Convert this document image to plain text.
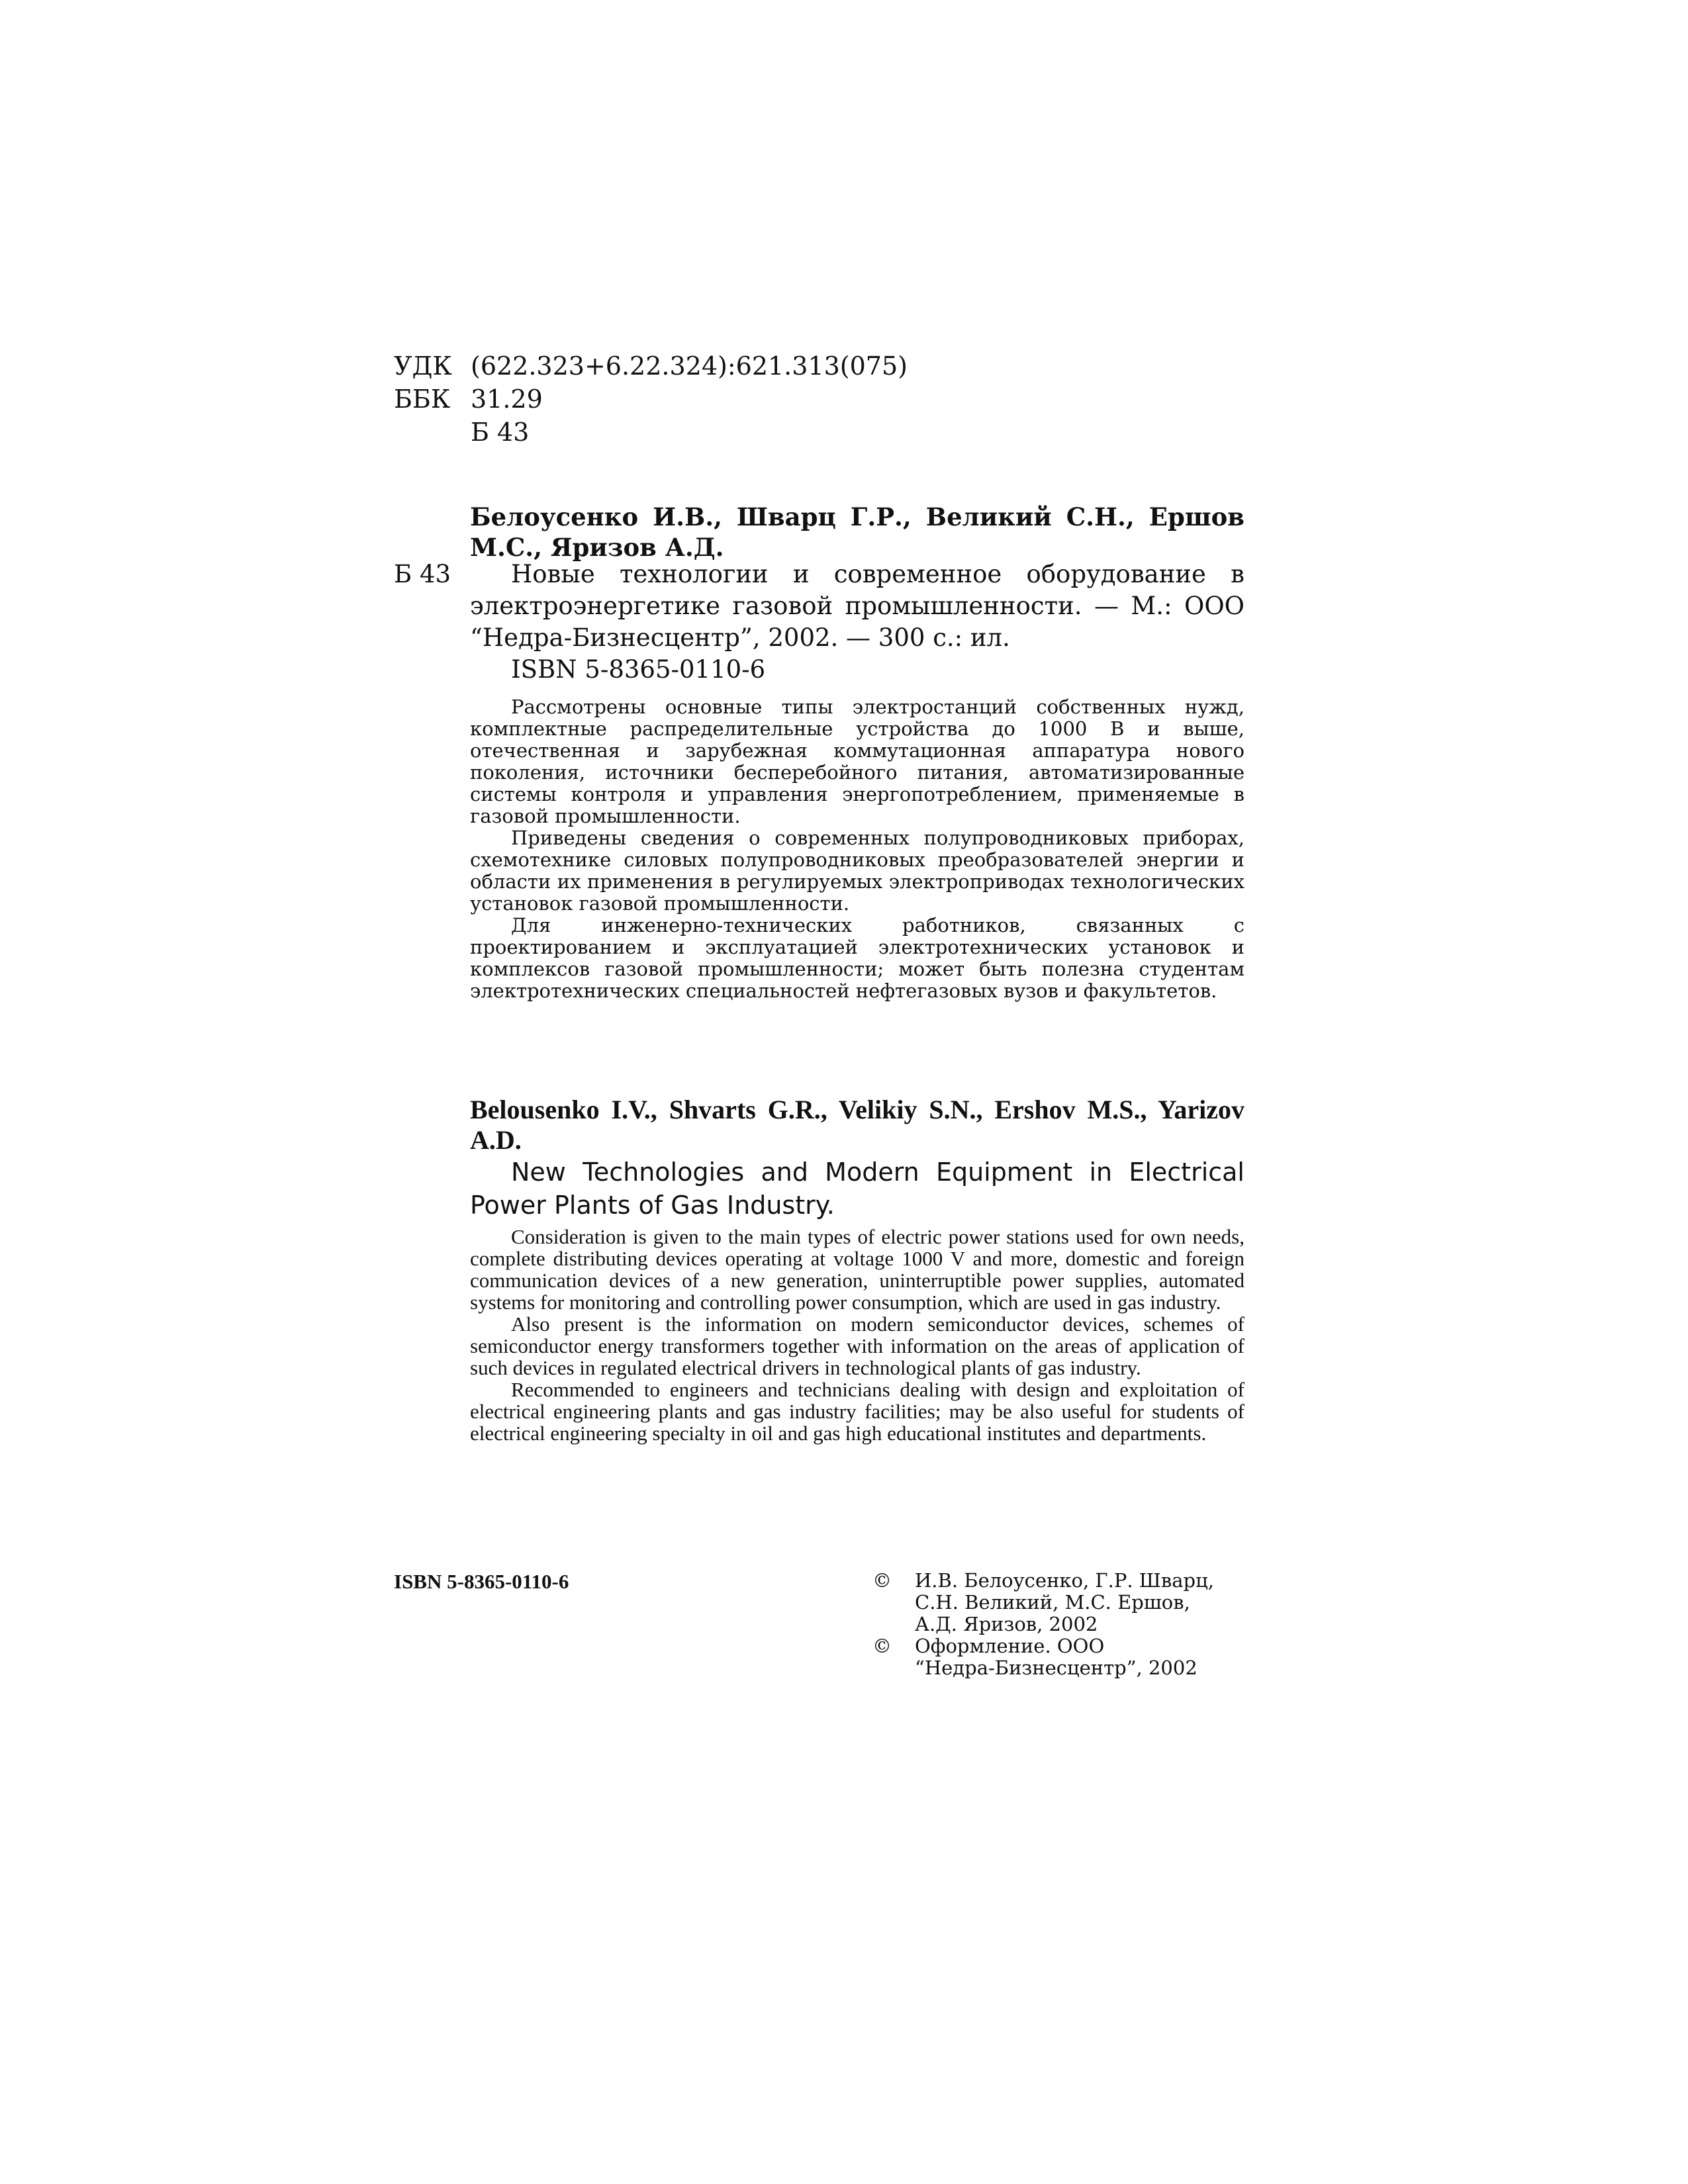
УДК (622.323+6.22.324):621.313(075)
ББК 31.29
Б 43
Белоусенко И.В., Шварц Г.Р., Великий С.Н., Ершов М.С., Яризов А.Д.
Б 43	Новые технологии и современное оборудование в электроэнергетике газовой промышленности. — М.: ООО “Недра-Бизнесцентр”, 2002. — 300 с.: ил.
ISBN 5-8365-0110-6

Рассмотрены основные типы электростанций собственных нужд, комплектные распределительные устройства до 1000 В и выше, отечественная и зарубежная коммутационная аппаратура нового поколения, источники бесперебойного питания, автоматизированные системы контроля и управления энергопотреблением, применяемые в газовой промышленности.

Приведены сведения о современных полупроводниковых приборах, схемотехнике силовых полупроводниковых преобразователей энергии и области их применения в регулируемых электроприводах технологических установок газовой промышленности.

Для инженерно-технических работников, связанных с проектированием и эксплуатацией электротехнических установок и комплексов газовой промышленности; может быть полезна студентам электротехнических специальностей нефтегазовых вузов и факультетов.

Belousenko I.V., Shvarts G.R., Velikiy S.N., Ershov M.S., Yarizov A.D.
New Technologies and Modern Equipment in Electrical Power Plants of Gas Industry.

Consideration is given to the main types of electric power stations used for own needs, complete distributing devices operating at voltage 1000 V and more, domestic and foreign communication devices of a new generation, uninterruptible power supplies, automated systems for monitoring and controlling power consumption, which are used in gas industry.

Also present is the information on modern semiconductor devices, schemes of semiconductor energy transformers together with information on the areas of application of such devices in regulated electrical drivers in technological plants of gas industry.

Recommended to engineers and technicians dealing with design and exploitation of electrical engineering plants and gas industry facilities; may be also useful for students of electrical engineering specialty in oil and gas high educational institutes and departments.

ISBN 5-8365-0110-6	© И.В. Белоусенко, Г.Р. Шварц,
С.Н. Великий, М.С. Ершов,
А.Д. Яризов, 2002
© Оформление. ООО
“Недра-Бизнесцентр”, 2002
